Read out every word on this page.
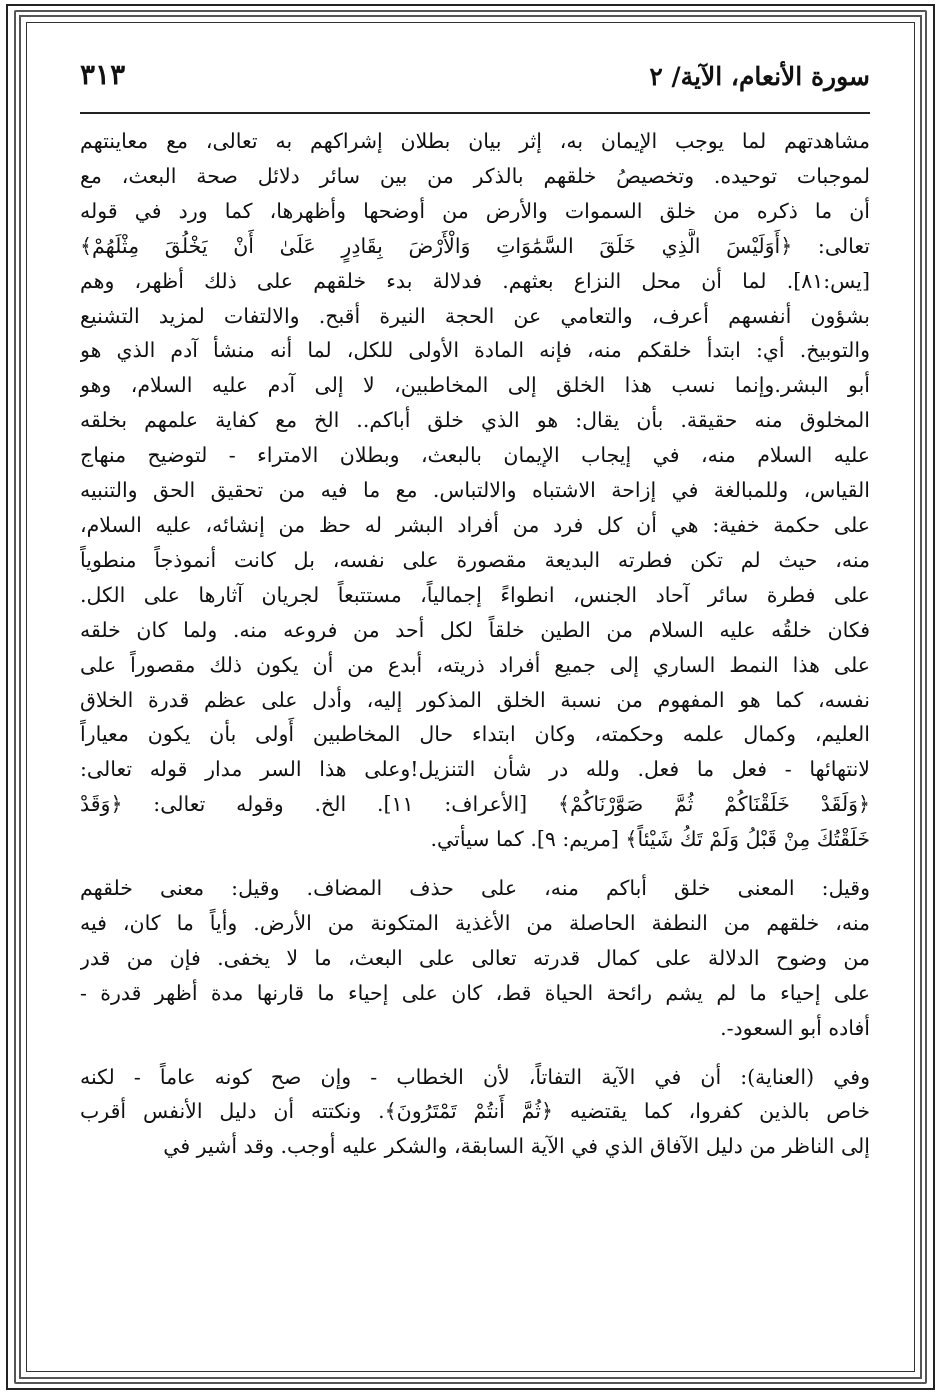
سورة الأنعام، الآية/ ٢
٣١٣
مشاهدتهم لما يوجب الإيمان به، إثر بيان بطلان إشراكهم به تعالى، مع معاينتهم
لموجبات توحيده. وتخصيصُ خلقهم بالذكر من بين سائر دلائل صحة البعث، مع
أن ما ذكره من خلق السموات والأرض من أوضحها وأظهرها، كما ورد في قوله
تعالى: ﴿أَوَلَيْسَ الَّذِي خَلَقَ السَّمَٰوَاتِ وَالْأَرْضَ بِقَادِرٍ عَلَىٰ أَنْ يَخْلُقَ مِثْلَهُمْ﴾
[يس:٨١]. لما أن محل النزاع بعثهم. فدلالة بدء خلقهم على ذلك أظهر، وهم
بشؤون أنفسهم أعرف، والتعامي عن الحجة النيرة أقبح. والالتفات لمزيد التشنيع
والتوبيخ. أي: ابتدأ خلقكم منه، فإنه المادة الأولى للكل، لما أنه منشأ آدم الذي هو
أبو البشر.وإنما نسب هذا الخلق إلى المخاطبين، لا إلى آدم عليه السلام، وهو
المخلوق منه حقيقة. بأن يقال: هو الذي خلق أباكم.. الخ مع كفاية علمهم بخلقه
عليه السلام منه، في إيجاب الإيمان بالبعث، وبطلان الامتراء - لتوضيح منهاج
القياس، وللمبالغة في إزاحة الاشتباه والالتباس. مع ما فيه من تحقيق الحق والتنبيه
على حكمة خفية: هي أن كل فرد من أفراد البشر له حظ من إنشائه، عليه السلام،
منه، حيث لم تكن فطرته البديعة مقصورة على نفسه، بل كانت أنموذجاً منطوياً
على فطرة سائر آحاد الجنس، انطواءً إجمالياً، مستتبعاً لجريان آثارها على الكل.
فكان خلقُه عليه السلام من الطين خلقاً لكل أحد من فروعه منه. ولما كان خلقه
على هذا النمط الساري إلى جميع أفراد ذريته، أبدع من أن يكون ذلك مقصوراً على
نفسه، كما هو المفهوم من نسبة الخلق المذكور إليه، وأدل على عظم قدرة الخلاق
العليم، وكمال علمه وحكمته، وكان ابتداء حال المخاطبين أَولى بأن يكون معياراً
لانتهائها - فعل ما فعل. ولله در شأن التنزيل!وعلى هذا السر مدار قوله تعالى:
﴿وَلَقَدْ خَلَقْنَاكُمْ ثُمَّ صَوَّرْنَاكُمْ﴾ [الأعراف: ١١]. الخ. وقوله تعالى: ﴿وَقَدْ
خَلَقْتُكَ مِنْ قَبْلُ وَلَمْ تَكُ شَيْئاً﴾ [مريم: ٩]. كما سيأتي.
وقيل: المعنى خلق أباكم منه، على حذف المضاف. وقيل: معنى خلقهم
منه، خلقهم من النطفة الحاصلة من الأغذية المتكونة من الأرض. وأياً ما كان، فيه
من وضوح الدلالة على كمال قدرته تعالى على البعث، ما لا يخفى. فإن من قدر
على إحياء ما لم يشم رائحة الحياة قط، كان على إحياء ما قارنها مدة أظهر قدرة -
أفاده أبو السعود-.
وفي (العناية): أن في الآية التفاتاً، لأن الخطاب - وإن صح كونه عاماً - لكنه
خاص بالذين كفروا، كما يقتضيه ﴿ثُمَّ أَنتُمْ تَمْتَرُونَ﴾. ونكتته أن دليل الأنفس أقرب
إلى الناظر من دليل الآفاق الذي في الآية السابقة، والشكر عليه أوجب. وقد أشير في
